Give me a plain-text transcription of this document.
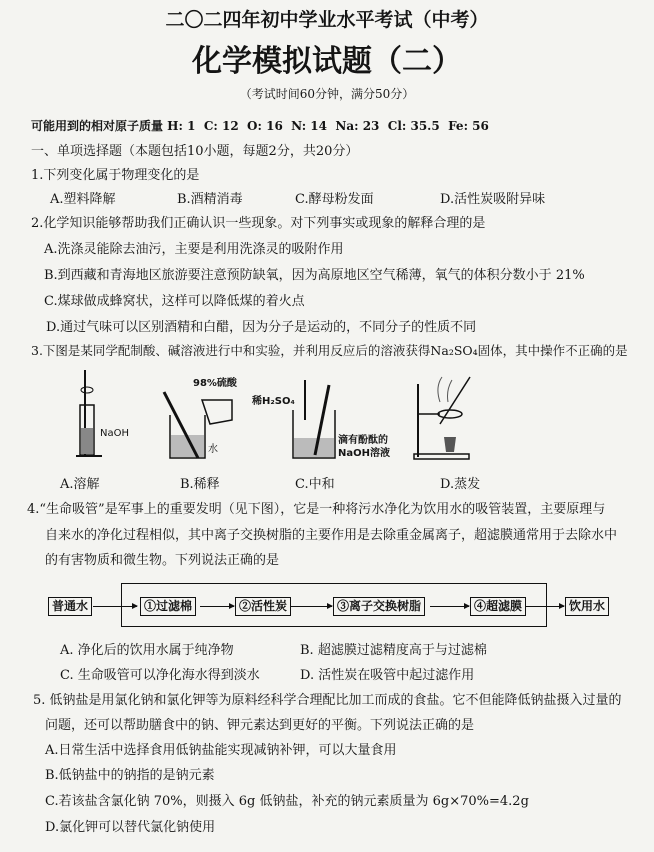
二〇二四年初中学业水平考试（中考）
化学模拟试题（二）
（考试时间60分钟，满分50分）
可能用到的相对原子质量 H: 1  C: 12  O: 16  N: 14  Na: 23  Cl: 35.5  Fe: 56
一、单项选择题（本题包括10小题，每题2分，共20分）
1.下列变化属于物理变化的是
A.塑料降解	B.酒精消毒	C.酵母粉发面	D.活性炭吸附异味
2.化学知识能够帮助我们正确认识一些现象。对下列事实或现象的解释合理的是
A.洗涤灵能除去油污，主要是利用洗涤灵的吸附作用
B.到西藏和青海地区旅游要注意预防缺氧，因为高原地区空气稀薄，氧气的体积分数小于 21%
C.煤球做成蜂窝状，这样可以降低煤的着火点
D.通过气味可以区别酒精和白醋，因为分子是运动的，不同分子的性质不同
3.下图是某同学配制酸、碱溶液进行中和实验，并利用反应后的溶液获得Na₂SO₄固体，其中操作不正确的是
NaOH
98%硫酸
水
稀H₂SO₄
滴有酚酞的
NaOH溶液
A.溶解	B.稀释	C.中和	D.蒸发
4.“生命吸管”是军事上的重要发明（见下图），它是一种将污水净化为饮用水的吸管装置，主要原理与
自来水的净化过程相似，其中离子交换树脂的主要作用是去除重金属离子，超滤膜通常用于去除水中
的有害物质和微生物。下列说法正确的是
普通水	①过滤棉	②活性炭	③离子交换树脂	④超滤膜	饮用水
A. 净化后的饮用水属于纯净物	B. 超滤膜过滤精度高于与过滤棉
C. 生命吸管可以净化海水得到淡水	D. 活性炭在吸管中起过滤作用
5. 低钠盐是用氯化钠和氯化钾等为原料经科学合理配比加工而成的食盐。它不但能降低钠盐摄入过量的
问题，还可以帮助膳食中的钠、钾元素达到更好的平衡。下列说法正确的是
A.日常生活中选择食用低钠盐能实现减钠补钾，可以大量食用
B.低钠盐中的钠指的是钠元素
C.若该盐含氯化钠 70%，则摄入 6g 低钠盐，补充的钠元素质量为 6g×70%=4.2g
D.氯化钾可以替代氯化钠使用
